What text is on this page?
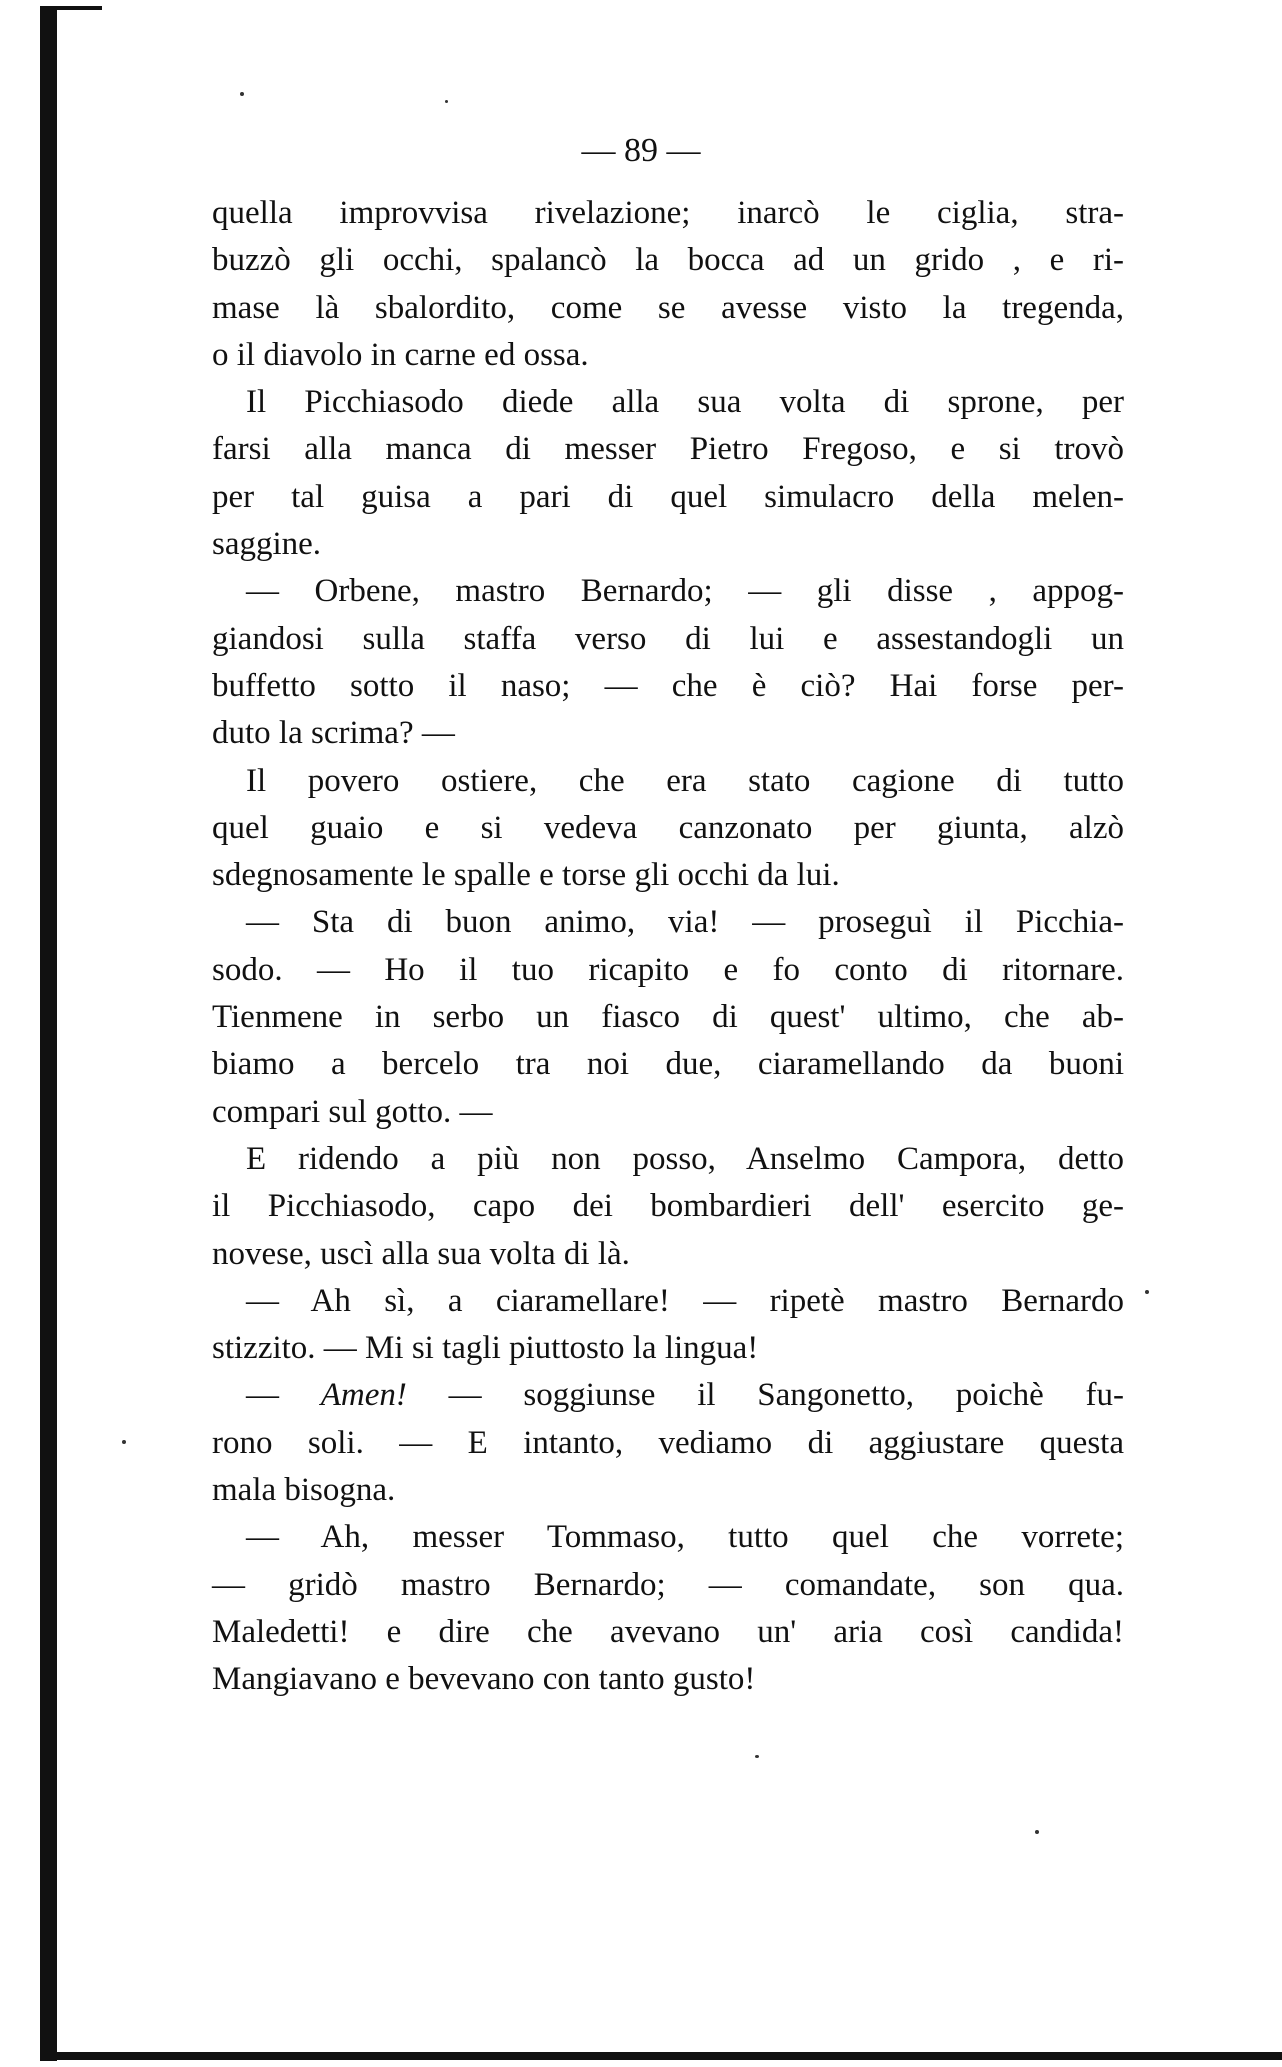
— 89 —
quella improvvisa rivelazione; inarcò le ciglia, stra-
buzzò gli occhi, spalancò la bocca ad un grido , e ri-
mase là sbalordito, come se avesse visto la tregenda,
o il diavolo in carne ed ossa.
Il Picchiasodo diede alla sua volta di sprone, per
farsi alla manca di messer Pietro Fregoso, e si trovò
per tal guisa a pari di quel simulacro della melen-
saggine.
— Orbene, mastro Bernardo; — gli disse , appog-
giandosi sulla staffa verso di lui e assestandogli un
buffetto sotto il naso; — che è ciò? Hai forse per-
duto la scrima? —
Il povero ostiere, che era stato cagione di tutto
quel guaio e si vedeva canzonato per giunta, alzò
sdegnosamente le spalle e torse gli occhi da lui.
— Sta di buon animo, via! — proseguì il Picchia-
sodo. — Ho il tuo ricapito e fo conto di ritornare.
Tienmene in serbo un fiasco di quest' ultimo, che ab-
biamo a bercelo tra noi due, ciaramellando da buoni
compari sul gotto. —
E ridendo a più non posso, Anselmo Campora, detto
il Picchiasodo, capo dei bombardieri dell' esercito ge-
novese, uscì alla sua volta di là.
— Ah sì, a ciaramellare! — ripetè mastro Bernardo
stizzito. — Mi si tagli piuttosto la lingua!
— Amen! — soggiunse il Sangonetto, poichè fu-
rono soli. — E intanto, vediamo di aggiustare questa
mala bisogna.
— Ah, messer Tommaso, tutto quel che vorrete;
— gridò mastro Bernardo; — comandate, son qua.
Maledetti! e dire che avevano un' aria così candida!
Mangiavano e bevevano con tanto gusto!
